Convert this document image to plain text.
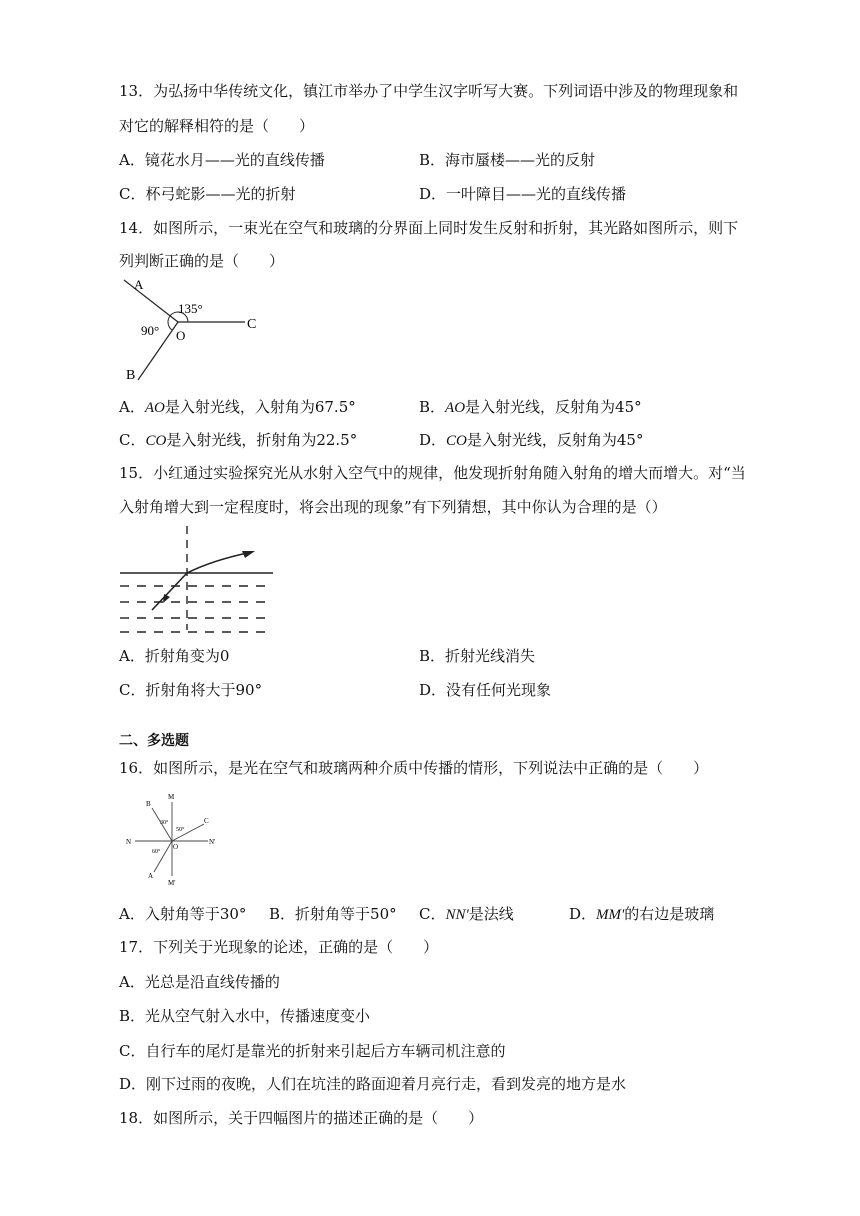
13．为弘扬中华传统文化，镇江市举办了中学生汉字听写大赛。下列词语中涉及的物理现象和
对它的解释相符的是（　　）
A．镜花水月——光的直线传播	B．海市蜃楼——光的反射
C．杯弓蛇影——光的折射	D．一叶障目——光的直线传播
14．如图所示，一束光在空气和玻璃的分界面上同时发生反射和折射，其光路如图所示，则下
列判断正确的是（　　）
A
135°
90° O
C
B
A．AO是入射光线，入射角为67.5°	B．AO是入射光线，反射角为45°
C．CO是入射光线，折射角为22.5°	D．CO是入射光线，反射角为45°
15．小红通过实验探究光从水射入空气中的规律，他发现折射角随入射角的增大而增大。对“当
入射角增大到一定程度时，将会出现的现象”有下列猜想，其中你认为合理的是（）
A．折射角变为0	B．折射光线消失
C．折射角将大于90°	D．没有任何光现象
二、多选题
16．如图所示，是光在空气和玻璃两种介质中传播的情形，下列说法中正确的是（　　）
M
B
30°
50°
C
N	N'
O
60°
A
M'
A．入射角等于30° B．折射角等于50° C．NN'是法线	D．MM'的右边是玻璃
17．下列关于光现象的论述，正确的是（　　）
A．光总是沿直线传播的
B．光从空气射入水中，传播速度变小
C．自行车的尾灯是靠光的折射来引起后方车辆司机注意的
D．刚下过雨的夜晚，人们在坑洼的路面迎着月亮行走，看到发亮的地方是水
18．如图所示，关于四幅图片的描述正确的是（　　）
